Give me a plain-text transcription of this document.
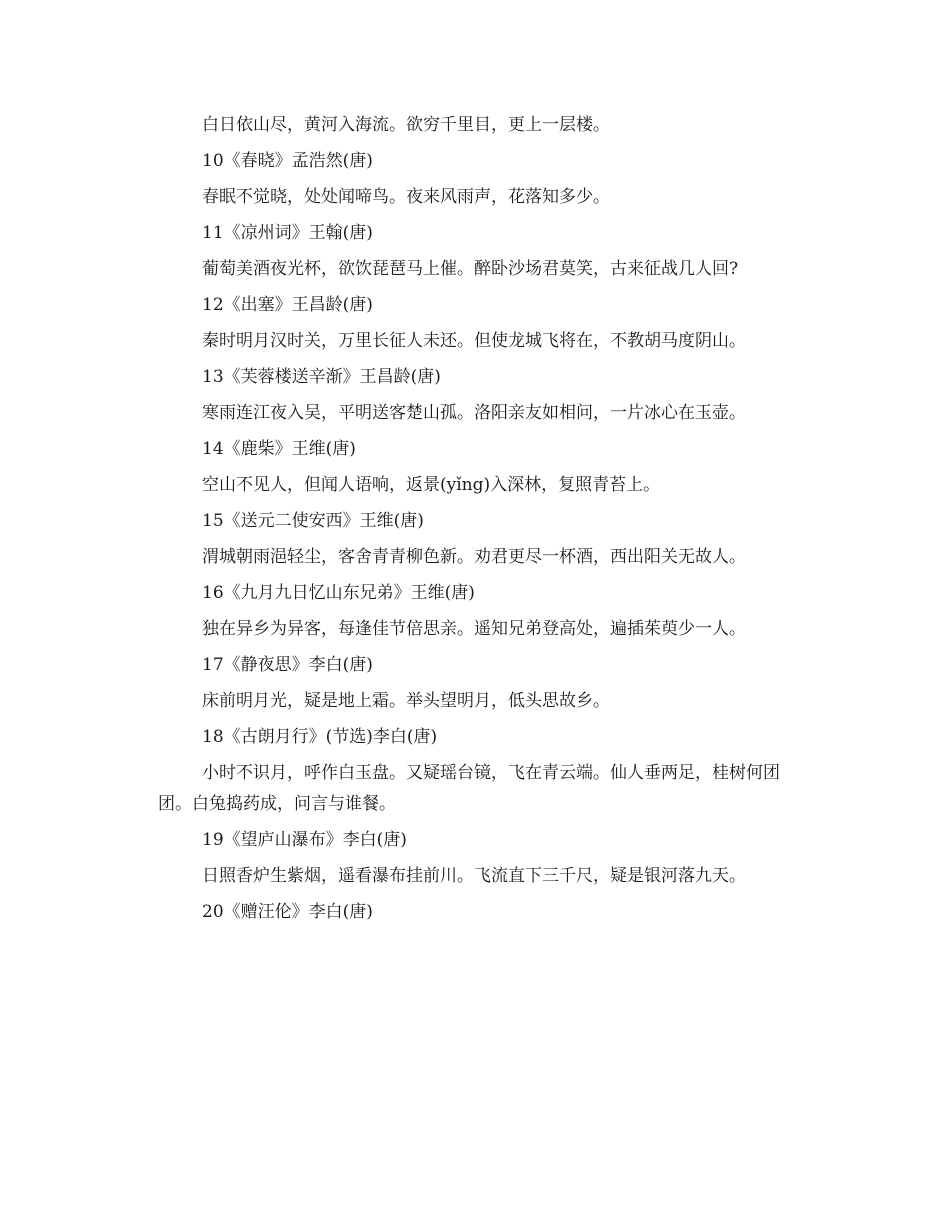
白日依山尽，黄河入海流。欲穷千里目，更上一层楼。

10《春晓》孟浩然(唐)

春眠不觉晓，处处闻啼鸟。夜来风雨声，花落知多少。

11《凉州词》王翰(唐)

葡萄美酒夜光杯，欲饮琵琶马上催。醉卧沙场君莫笑，古来征战几人回?

12《出塞》王昌龄(唐)

秦时明月汉时关，万里长征人未还。但使龙城飞将在，不教胡马度阴山。

13《芙蓉楼送辛渐》王昌龄(唐)

寒雨连江夜入吴，平明送客楚山孤。洛阳亲友如相问，一片冰心在玉壶。

14《鹿柴》王维(唐)

空山不见人，但闻人语响，返景(yǐng)入深林，复照青苔上。

15《送元二使安西》王维(唐)

渭城朝雨浥轻尘，客舍青青柳色新。劝君更尽一杯酒，西出阳关无故人。

16《九月九日忆山东兄弟》王维(唐)

独在异乡为异客，每逢佳节倍思亲。遥知兄弟登高处，遍插茱萸少一人。

17《静夜思》李白(唐)

床前明月光，疑是地上霜。举头望明月，低头思故乡。

18《古朗月行》(节选)李白(唐)

小时不识月，呼作白玉盘。又疑瑶台镜，飞在青云端。仙人垂两足，桂树何团团。白兔捣药成，问言与谁餐。

19《望庐山瀑布》李白(唐)

日照香炉生紫烟，遥看瀑布挂前川。飞流直下三千尺，疑是银河落九天。

20《赠汪伦》李白(唐)
